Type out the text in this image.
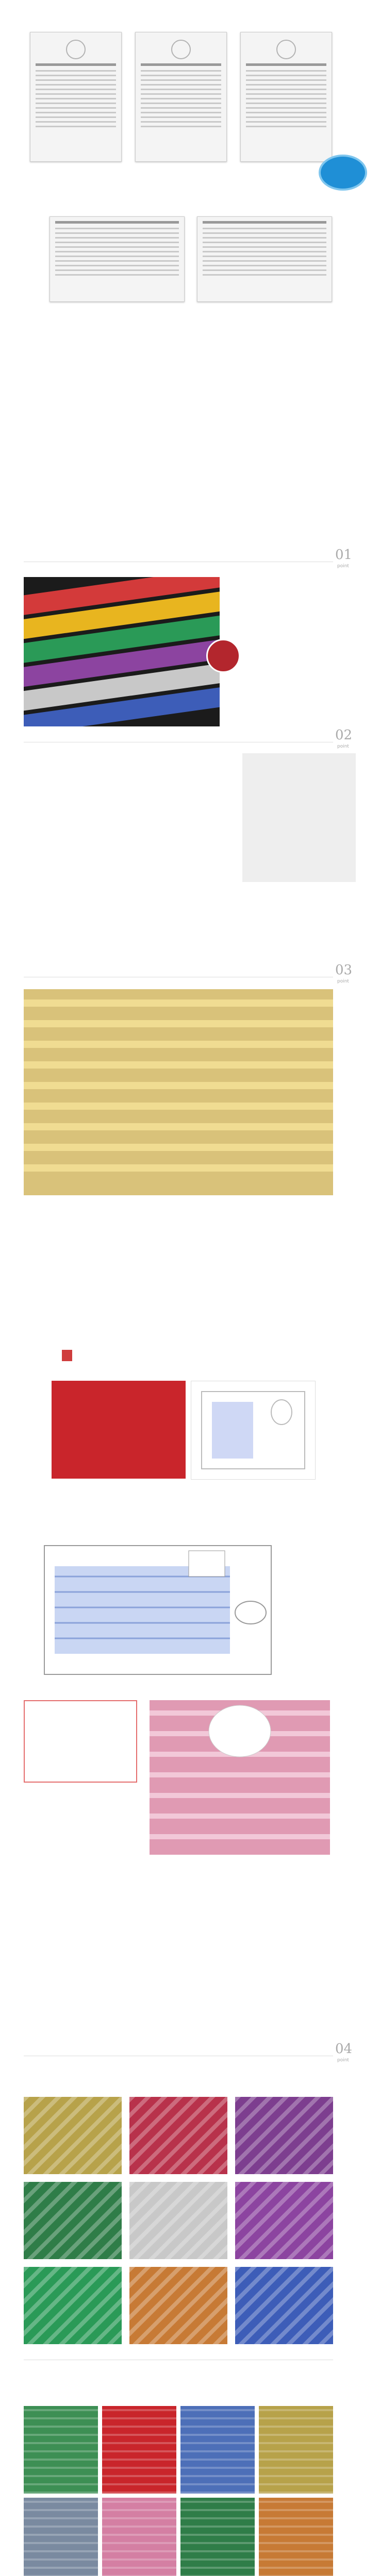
01
point
02
point
03
point
04
point
